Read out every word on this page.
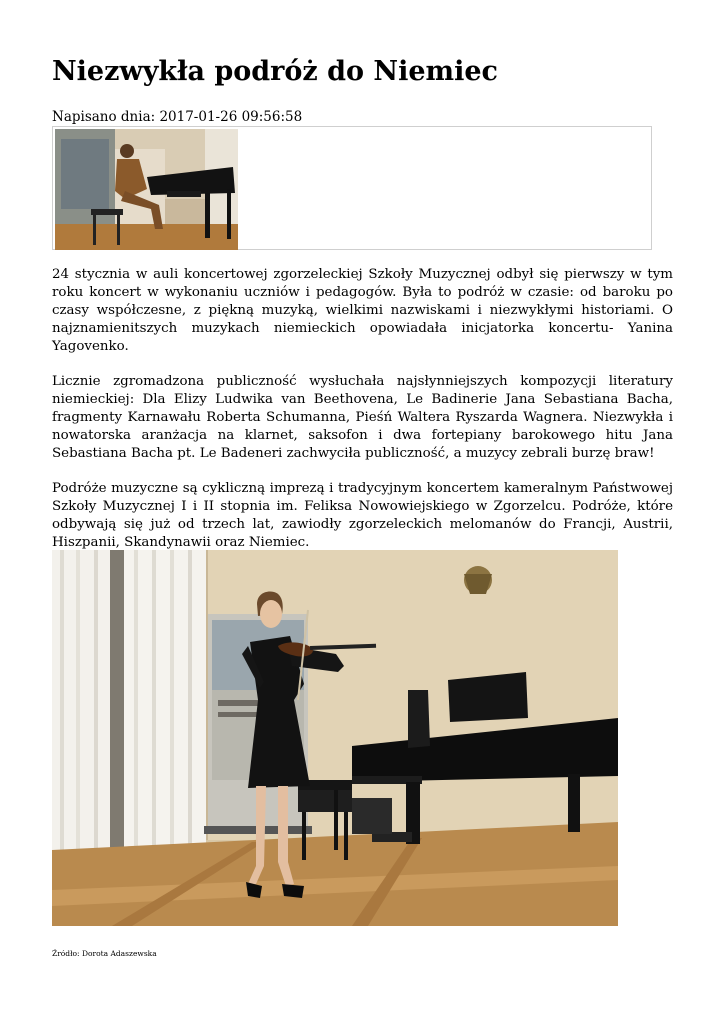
Niezwykła podróż do Niemiec
Napisano dnia: 2017-01-26 09:56:58

24 stycznia w auli koncertowej zgorzeleckiej Szkoły Muzycznej odbył się pierwszy w tym roku koncert w wykonaniu uczniów i pedagogów. Była to podróż w czasie: od baroku po czasy współczesne, z piękną muzyką, wielkimi nazwiskami i niezwykłymi historiami. O najznamienitszych muzykach niemieckich opowiadała inicjatorka koncertu- Yanina Yagovenko.

Licznie zgromadzona publiczność wysłuchała najsłynniejszych kompozycji literatury niemieckiej: Dla Elizy Ludwika van Beethovena, Le Badinerie Jana Sebastiana Bacha, fragmenty Karnawału Roberta Schumanna, Pieśń Waltera Ryszarda Wagnera. Niezwykła i nowatorska aranżacja na klarnet, saksofon i dwa fortepiany barokowego hitu Jana Sebastiana Bacha pt. Le Badeneri zachwyciła publiczność, a muzycy zebrali burzę braw!

Podróże muzyczne są cykliczną imprezą i tradycyjnym koncertem kameralnym Państwowej Szkoły Muzycznej I i II stopnia im. Feliksa Nowowiejskiego w Zgorzelcu. Podróże, które odbywają się już od trzech lat, zawiodły zgorzeleckich melomanów do Francji, Austrii, Hiszpanii, Skandynawii oraz Niemiec.

Źródło: Dorota Adaszewska
